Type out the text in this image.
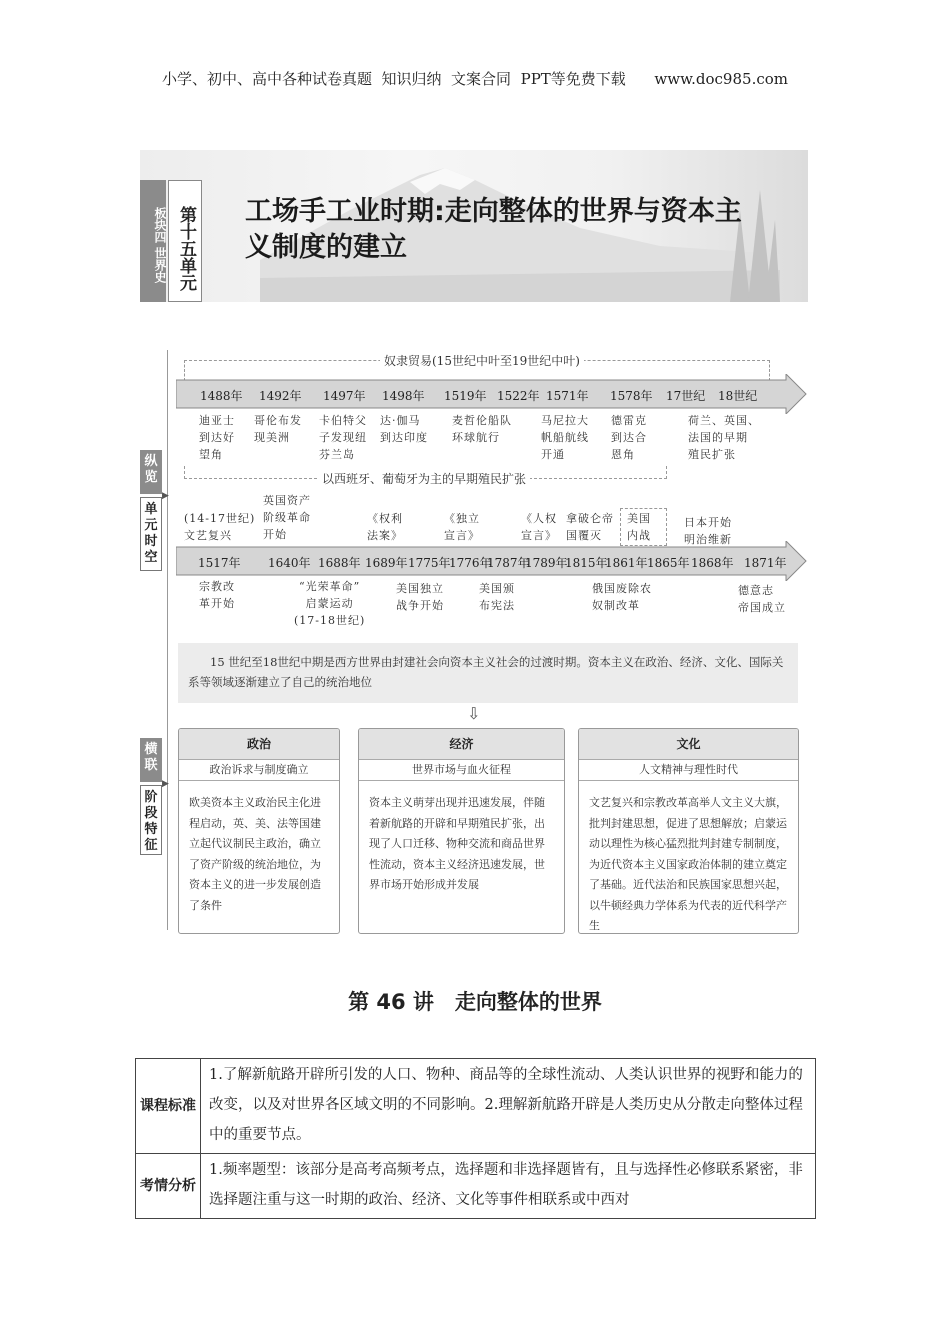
小学、初中、高中各种试卷真题  知识归纳  文案合同  PPT等免费下载      www.doc985.com
板块四 世界史 第十五单元 工场手工业时期:走向整体的世界与资本主义制度的建立
纵览
单元时空
▶
横联
阶段特征
▶
奴隶贸易(15世纪中叶至19世纪中叶)
1488年 1492年 1497年 1498年 1519年 1522年 1571年 1578年 17世纪 18世纪
迪亚士
到达好
望角
哥伦布发
现美洲
卡伯特父
子发现纽
芬兰岛
达·伽马
到达印度
麦哲伦船队
环球航行
马尼拉大
帆船航线
开通
德雷克
到达合
恩角
荷兰、英国、
法国的早期
殖民扩张
以西班牙、葡萄牙为主的早期殖民扩张
(14-17世纪)
文艺复兴
英国资产
阶级革命
开始
《权利
法案》
《独立
宣言》
《人权
宣言》
拿破仑帝
国覆灭
美国
内战
日本开始
明治维新
1517年 1640年 1688年 1689年 1775年
1776年
1787年
1789年
1815年
1861年 1865年 1868年 1871年
宗教改
革开始
“光荣革命”
启蒙运动
(17-18世纪)
美国独立
战争开始
美国颁
布宪法
俄国废除农
奴制改革
德意志
帝国成立
15 世纪至18世纪中期是西方世界由封建社会向资本主义社会的过渡时期。资本主义在政治、经济、文化、国际关系等领域逐渐建立了自己的统治地位
⇩
政治
政治诉求与制度确立
欧美资本主义政治民主化进程启动，英、美、法等国建立起代议制民主政治，确立了资产阶级的统治地位，为资本主义的进一步发展创造了条件
经济
世界市场与血火征程
资本主义萌芽出现并迅速发展，伴随着新航路的开辟和早期殖民扩张，出现了人口迁移、物种交流和商品世界性流动，资本主义经济迅速发展，世界市场开始形成并发展
文化
人文精神与理性时代
文艺复兴和宗教改革高举人文主义大旗，批判封建思想，促进了思想解放；启蒙运动以理性为核心猛烈批判封建专制制度，为近代资本主义国家政治体制的建立奠定了基础。近代法治和民族国家思想兴起，以牛顿经典力学体系为代表的近代科学产生
第 46 讲　走向整体的世界
课程标准	1.了解新航路开辟所引发的人口、物种、商品等的全球性流动、人类认识世界的视野和能力的改变，以及对世界各区域文明的不同影响。2.理解新航路开辟是人类历史从分散走向整体过程中的重要节点。
考情分析	1.频率题型：该部分是高考高频考点，选择题和非选择题皆有，且与选择性必修联系紧密，非选择题注重与这一时期的政治、经济、文化等事件相联系或中西对
